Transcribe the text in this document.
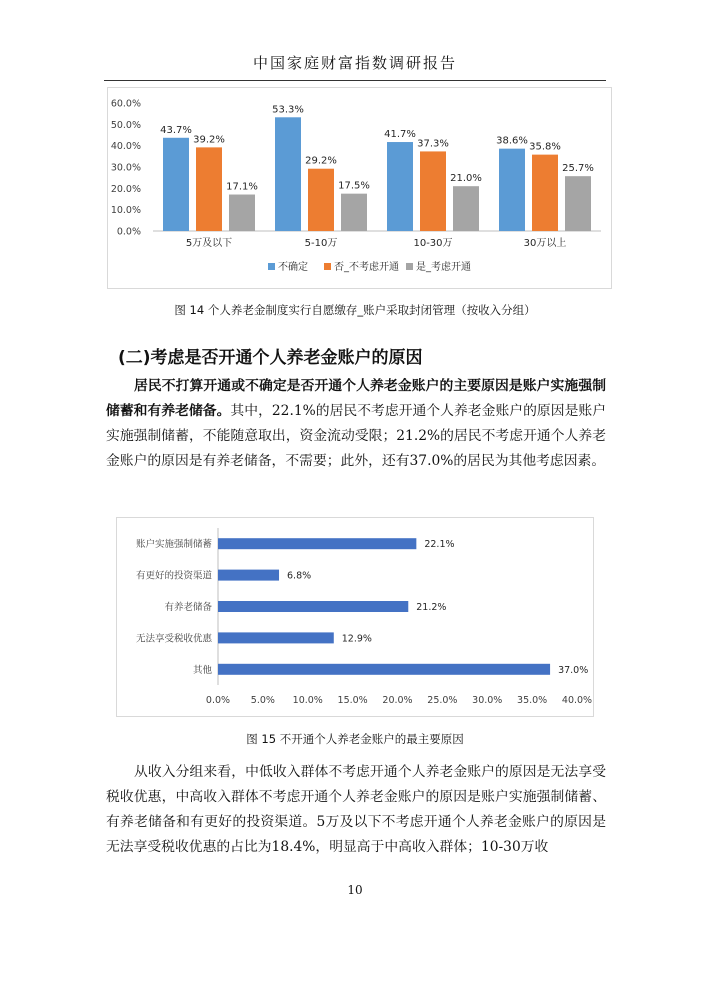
中国家庭财富指数调研报告
0.0%
10.0%
20.0%
30.0%
40.0%
50.0%
60.0%
43.7%
39.2%
17.1%
5万及以下
53.3%
29.2%
17.5%
5-10万
41.7%
37.3%
21.0%
10-30万
38.6%
35.8%
25.7%
30万以上
不确定	否_不考虑开通 是_考虑开通
图 14 个人养老金制度实行自愿缴存_账户采取封闭管理（按收入分组）
(二)考虑是否开通个人养老金账户的原因
居民不打算开通或不确定是否开通个人养老金账户的主要原因是账户实施强制储蓄和有养老储备。其中，22.1%的居民不考虑开通个人养老金账户的原因是账户实施强制储蓄，不能随意取出，资金流动受限；21.2%的居民不考虑开通个人养老金账户的原因是有养老储备，不需要；此外，还有37.0%的居民为其他考虑因素。
22.1%
账户实施强制储蓄
6.8%
有更好的投资渠道
21.2%
有养老储备
12.9%
无法享受税收优惠
37.0%
其他
0.0% 5.0% 10.0% 15.0% 20.0% 25.0% 30.0% 35.0% 40.0%
图 15 不开通个人养老金账户的最主要原因
从收入分组来看，中低收入群体不考虑开通个人养老金账户的原因是无法享受税收优惠，中高收入群体不考虑开通个人养老金账户的原因是账户实施强制储蓄、有养老储备和有更好的投资渠道。5万及以下不考虑开通个人养老金账户的原因是无法享受税收优惠的占比为18.4%，明显高于中高收入群体；10-30万收
10
